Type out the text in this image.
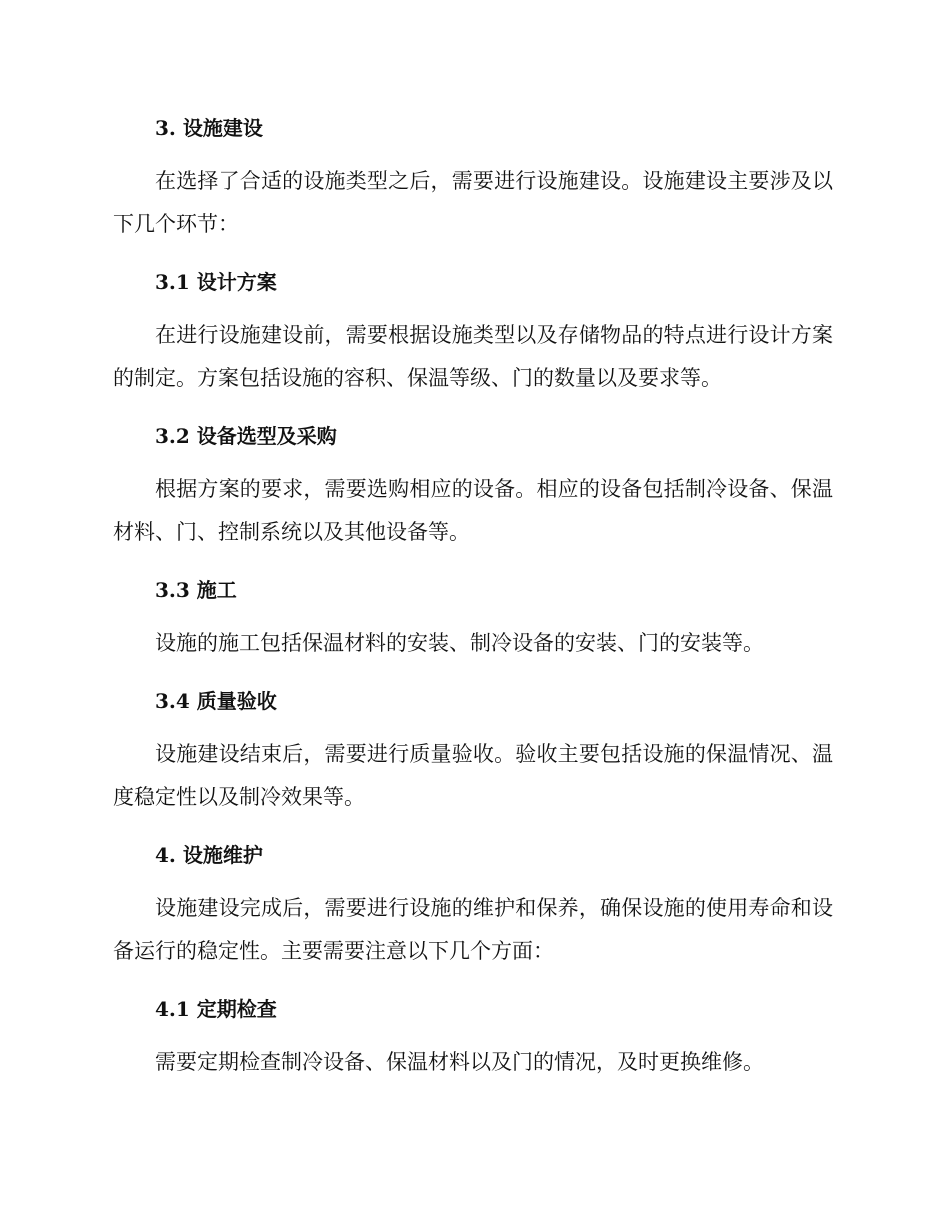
3. 设施建设

在选择了合适的设施类型之后，需要进行设施建设。设施建设主要涉及以下几个环节：

3.1 设计方案

在进行设施建设前，需要根据设施类型以及存储物品的特点进行设计方案的制定。方案包括设施的容积、保温等级、门的数量以及要求等。

3.2 设备选型及采购

根据方案的要求，需要选购相应的设备。相应的设备包括制冷设备、保温材料、门、控制系统以及其他设备等。

3.3 施工

设施的施工包括保温材料的安装、制冷设备的安装、门的安装等。

3.4 质量验收

设施建设结束后，需要进行质量验收。验收主要包括设施的保温情况、温度稳定性以及制冷效果等。

4. 设施维护

设施建设完成后，需要进行设施的维护和保养，确保设施的使用寿命和设备运行的稳定性。主要需要注意以下几个方面：

4.1 定期检查

需要定期检查制冷设备、保温材料以及门的情况，及时更换维修。
